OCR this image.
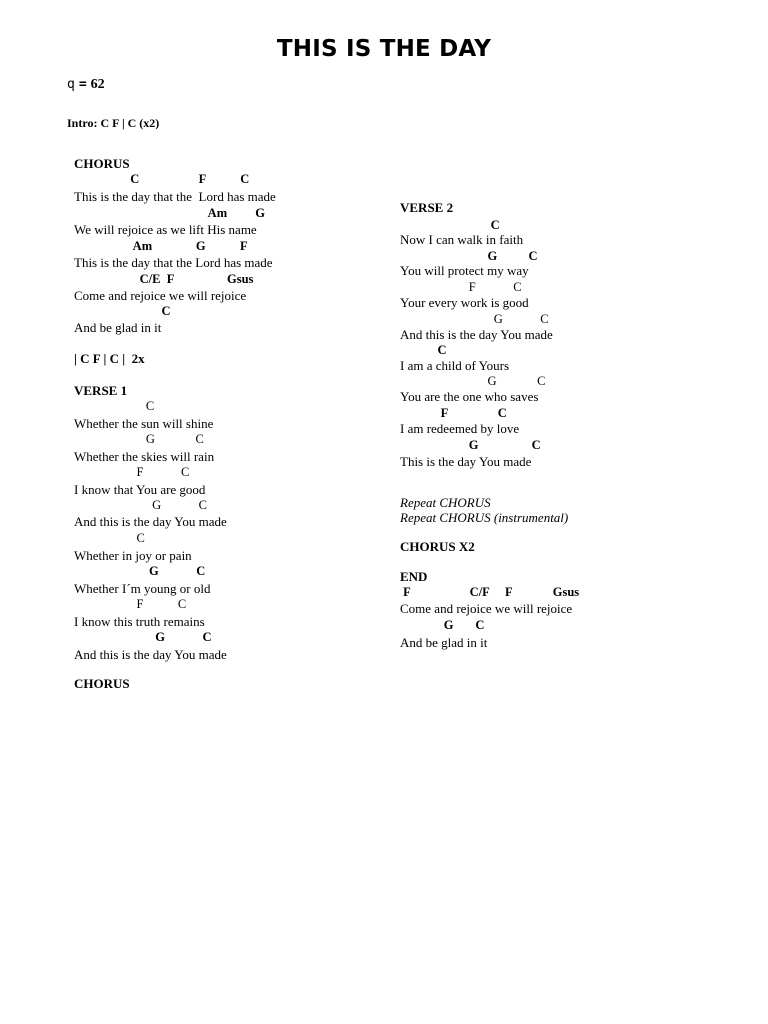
THIS IS THE DAY
q = 62
Intro: C F | C (x2)
CHORUS
C                   F           C
This is the day that the  Lord has made
Am         G
We will rejoice as we lift His name
Am              G           F
This is the day that the Lord has made
C/E  F                 Gsus
Come and rejoice we will rejoice
C
And be glad in it
| C F | C |  2x
VERSE 1
C
Whether the sun will shine
G             C
Whether the skies will rain
F            C
I know that You are good
G            C
And this is the day You made
C
Whether in joy or pain
G            C
Whether I´m young or old
F           C
I know this truth remains
G            C
And this is the day You made
CHORUS
VERSE 2
C
Now I can walk in faith
G          C
You will protect my way
F            C
Your every work is good
G            C
And this is the day You made
C
I am a child of Yours
G             C
You are the one who saves
F                C
I am redeemed by love
G                 C
This is the day You made
Repeat CHORUS
Repeat CHORUS (instrumental)
CHORUS X2
END
F                   C/F     F             Gsus
Come and rejoice we will rejoice
G       C
And be glad in it
